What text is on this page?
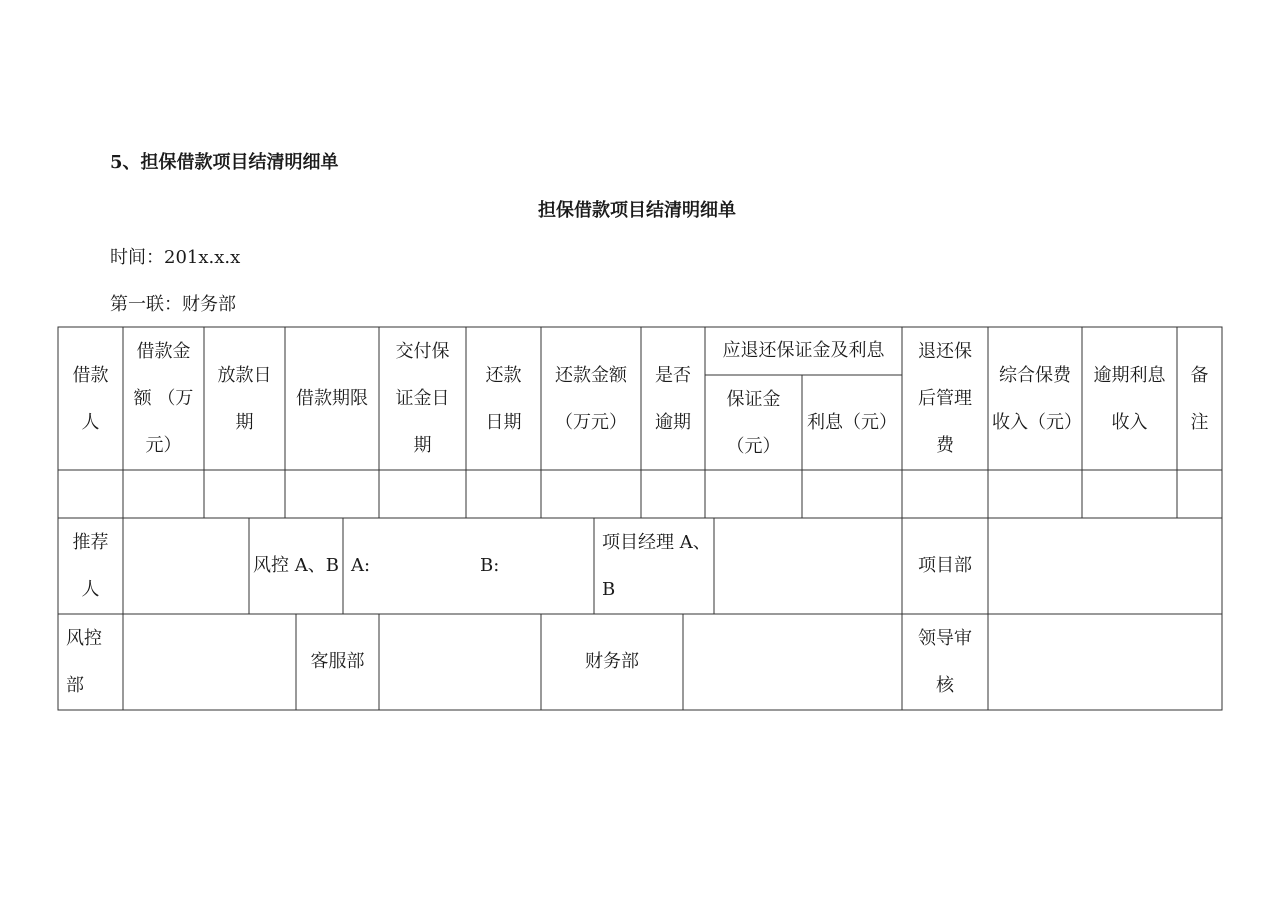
5、担保借款项目结清明细单
担保借款项目结清明细单
时间：201x.x.x
第一联：财务部
借款人
借款金额 （万元）
放款日期
借款期限
交付保证金日期
还款日期
还款金额 （万元）
是否逾期
应退还保证金及利息
保证金 （元）
利息（元）
退还保后管理费
综合保费收入（元）
逾期利息收入
备注
推荐人
风控 A、B A:	B:
项目经理 A、B
项目部
风控部
客服部	财务部
领导审核
